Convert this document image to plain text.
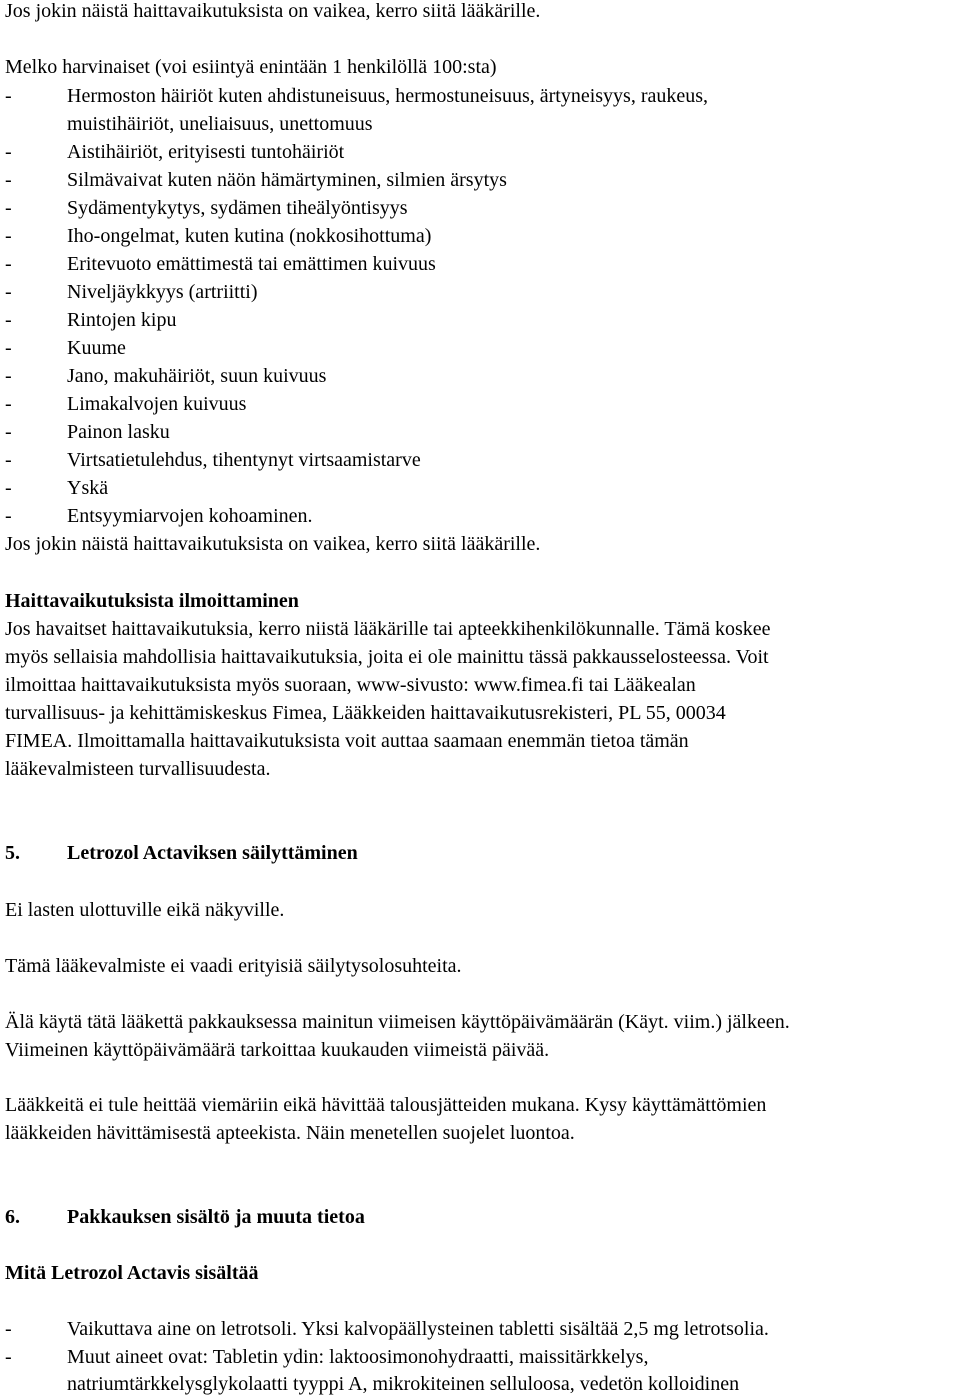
Jos jokin näistä haittavaikutuksista on vaikea, kerro siitä lääkärille.
Melko harvinaiset (voi esiintyä enintään 1 henkilöllä 100:sta)
-	Hermoston häiriöt kuten ahdistuneisuus, hermostuneisuus, ärtyneisyys, raukeus,
muistihäiriöt, uneliaisuus, unettomuus
-	Aistihäiriöt, erityisesti tuntohäiriöt
-	Silmävaivat kuten näön hämärtyminen, silmien ärsytys
-	Sydämentykytys, sydämen tiheälyöntisyys
-	Iho-ongelmat, kuten kutina (nokkosihottuma)
-	Eritevuoto emättimestä tai emättimen kuivuus
-	Niveljäykkyys (artriitti)
-	Rintojen kipu
-	Kuume
-	Jano, makuhäiriöt, suun kuivuus
-	Limakalvojen kuivuus
-	Painon lasku
-	Virtsatietulehdus, tihentynyt virtsaamistarve
-	Yskä
-	Entsyymiarvojen kohoaminen.
Jos jokin näistä haittavaikutuksista on vaikea, kerro siitä lääkärille.
Haittavaikutuksista ilmoittaminen
Jos havaitset haittavaikutuksia, kerro niistä lääkärille tai apteekkihenkilökunnalle. Tämä koskee
myös sellaisia mahdollisia haittavaikutuksia, joita ei ole mainittu tässä pakkausselosteessa. Voit
ilmoittaa haittavaikutuksista myös suoraan, www-sivusto: www.fimea.fi tai Lääkealan
turvallisuus- ja kehittämiskeskus Fimea, Lääkkeiden haittavaikutusrekisteri, PL 55, 00034
FIMEA. Ilmoittamalla haittavaikutuksista voit auttaa saamaan enemmän tietoa tämän
lääkevalmisteen turvallisuudesta.
5. Letrozol Actaviksen säilyttäminen
Ei lasten ulottuville eikä näkyville.
Tämä lääkevalmiste ei vaadi erityisiä säilytysolosuhteita.
Älä käytä tätä lääkettä pakkauksessa mainitun viimeisen käyttöpäivämäärän (Käyt. viim.) jälkeen.
Viimeinen käyttöpäivämäärä tarkoittaa kuukauden viimeistä päivää.
Lääkkeitä ei tule heittää viemäriin eikä hävittää talousjätteiden mukana. Kysy käyttämättömien
lääkkeiden hävittämisestä apteekista. Näin menetellen suojelet luontoa.
6. Pakkauksen sisältö ja muuta tietoa
Mitä Letrozol Actavis sisältää
-	Vaikuttava aine on letrotsoli. Yksi kalvopäällysteinen tabletti sisältää 2,5 mg letrotsolia.
-	Muut aineet ovat: Tabletin ydin: laktoosimonohydraatti, maissitärkkelys,
natriumtärkkelysglykolaatti tyyppi A, mikrokiteinen selluloosa, vedetön kolloidinen
